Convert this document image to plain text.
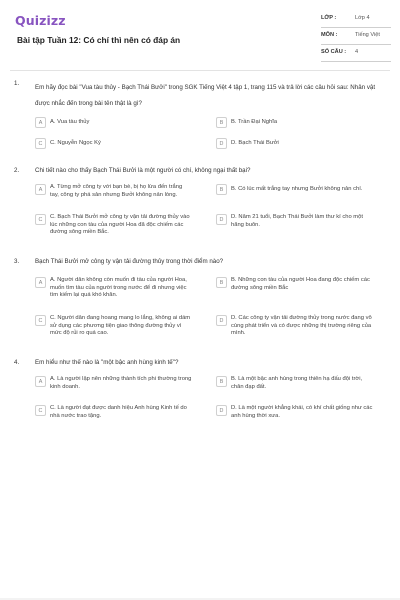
Quizizz
Bài tập Tuần 12: Có chí thì nên có đáp án
LỚP :	Lớp 4
MÔN :	Tiếng Việt
SỐ CÂU : 4
1.
Em hãy đọc bài "Vua tàu thủy - Bạch Thái Bưởi" trong SGK Tiếng Việt 4 tập 1, trang 115 và trả lời các câu hỏi sau: Nhân vật được nhắc đến trong bài tên thật là gì?
A	A. Vua tàu thủy	B	B. Trần Đại Nghĩa
C	C. Nguyễn Ngọc Ký	D	D. Bạch Thái Bưởi
2.	Chi tiết nào cho thấy Bạch Thái Bưởi là một người có chí, không ngại thất bại?
A	A. Từng mở công ty với bạn bè, bị họ lừa đến trắng tay, công ty phá sản nhưng Bưởi không nản lòng.
B	B. Có lúc mất trắng tay nhưng Bưởi không nản chí.
C	C. Bạch Thái Bưởi mở công ty vận tải đường thủy vào lúc những con tàu của người Hoa đã độc chiếm các đường sông miền Bắc.
D	D. Năm 21 tuổi, Bạch Thái Bưởi làm thư kí cho một hãng buôn.
3.	Bạch Thái Bưởi mở công ty vận tải đường thủy trong thời điểm nào?
A	A. Người dân không còn muốn đi tàu của người Hoa, muốn tìm tàu của người trong nước để đi nhưng việc tìm kiếm lại quá khó khăn.
B	B. Những con tàu của người Hoa đang độc chiếm các đường sông miền Bắc
C	C. Người dân đang hoang mang lo lắng, không ai dám sử dụng các phương tiện giao thông đường thủy vì mức độ rủi ro quá cao.
D	D. Các công ty vận tải đường thủy trong nước đang vô cùng phát triển và có được những thị trường riêng của mình.
4.	Em hiểu như thế nào là "một bậc anh hùng kinh tế"?
A	A. Là người lập nên những thành tích phi thường trong kinh doanh.
B	B. Là một bậc anh hùng trong thiên hạ đấu đội trời, chân đạp đất.
C	C. Là người đạt được danh hiệu Anh hùng Kinh tế do nhà nước trao tặng.
D	D. Là một người khẳng khái, có khí chất giống như các anh hùng thời xưa.
